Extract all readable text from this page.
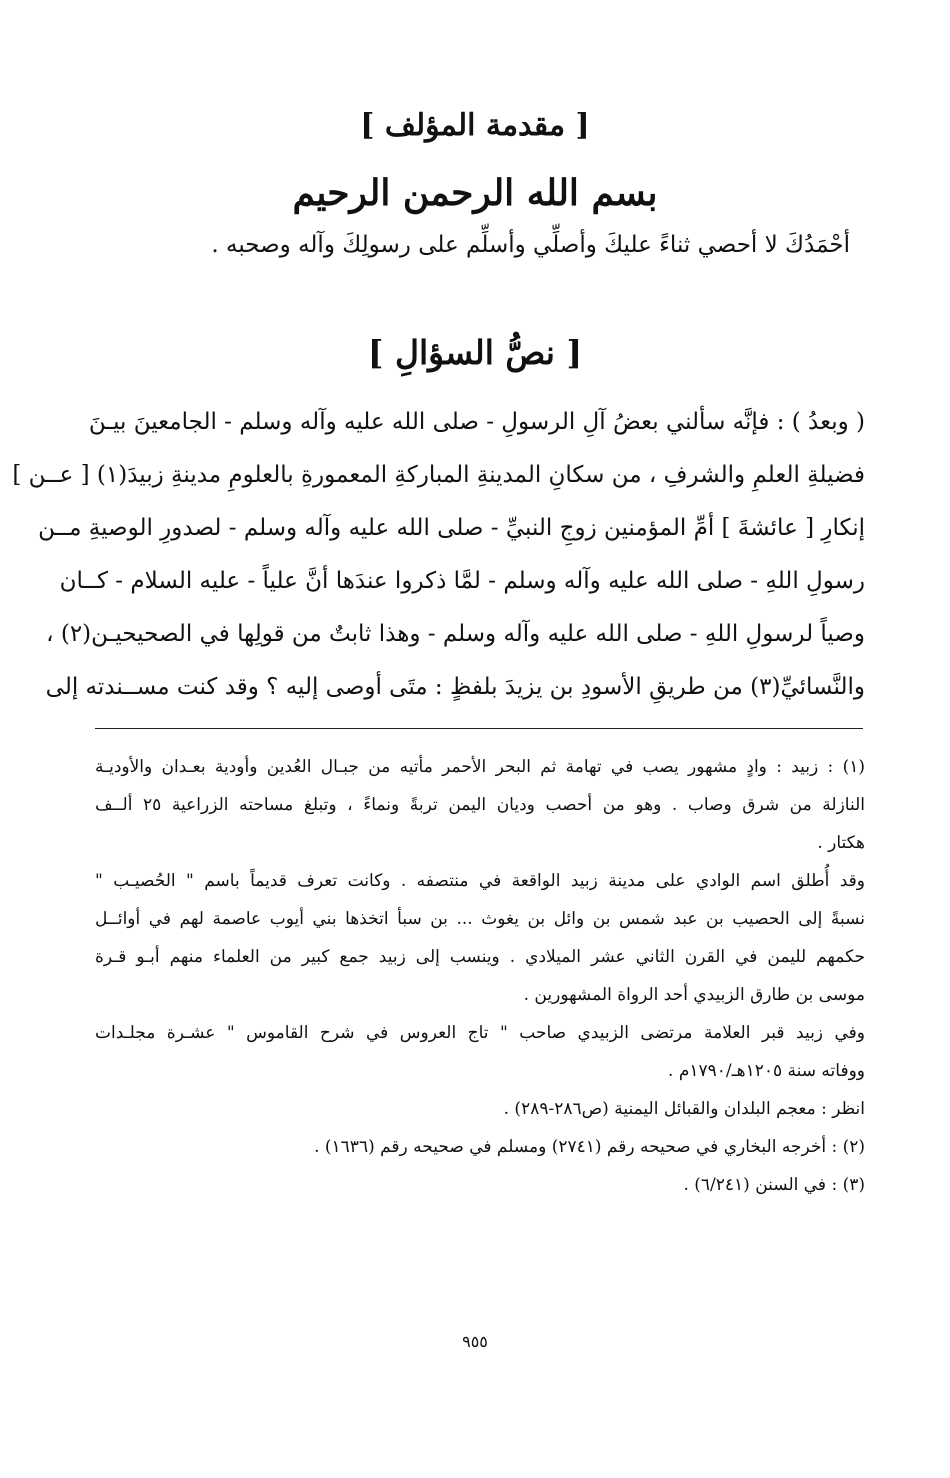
[ مقدمة المؤلف ]
بسم الله الرحمن الرحيم
أحْمَدُكَ لا أحصي ثناءً عليكَ وأصلِّي وأسلِّم على رسولِكَ وآله وصحبه .
[ نصُّ السؤالِ ]
( وبعدُ ) : فإنَّه سألني بعضُ آلِ الرسولِ - صلى الله عليه وآله وسلم - الجامعينَ بيـنَ
فضيلةِ العلمِ والشرفِ ، من سكانِ المدينةِ المباركةِ المعمورةِ بالعلومِ مدينةِ زبيدَ(١) [ عــن ]
إنكارِ [ عائشةَ ] أمِّ المؤمنين زوجِ النبيِّ - صلى الله عليه وآله وسلم - لصدورِ الوصيةِ مــن
رسولِ اللهِ - صلى الله عليه وآله وسلم - لمَّا ذكروا عندَها أنَّ علياً - عليه السلام - كــان
وصياً لرسولِ اللهِ - صلى الله عليه وآله وسلم - وهذا ثابتٌ من قولِها في الصحيحيـن(٢) ،
والنَّسائيِّ(٣) من طريقِ الأسودِ بن يزيدَ بلفظٍ : متَى أوصى إليه ؟ وقد كنت مســندته إلى
(١) : زبيد : وادٍ مشهور يصب في تهامة ثم البحر الأحمر مأتيه من جبـال العُدين وأودية بعـدان والأوديـة
النازلة من شرق وصاب . وهو من أحصب وديان اليمن تربةً ونماءً ، وتبلغ مساحته الزراعية ٢٥ ألــف
هكتار .
وقد أُطلق اسم الوادي على مدينة زبيد الواقعة في منتصفه . وكانت تعرف قديماً باسم " الحُصيـب "
نسبةً إلى الحصيب بن عبد شمس بن وائل بن يغوث ... بن سبأ اتخذها بني أيوب عاصمة لهم في أوائــل
حكمهم لليمن في القرن الثاني عشر الميلادي . وينسب إلى زبيد جمع كبير من العلماء منهم أبـو قـرة
موسى بن طارق الزبيدي أحد الرواة المشهورين .
وفي زبيد قبر العلامة مرتضى الزبيدي صاحب " تاج العروس في شرح القاموس " عشـرة مجلـدات
ووفاته سنة ١٢٠٥هـ/١٧٩٠م .
انظر : معجم البلدان والقبائل اليمنية (ص٢٨٦-٢٨٩) .
(٢) : أخرجه البخاري في صحيحه رقم (٢٧٤١) ومسلم في صحيحه رقم (١٦٣٦) .
(٣) : في السنن (٦/٢٤١) .
٩٥٥
